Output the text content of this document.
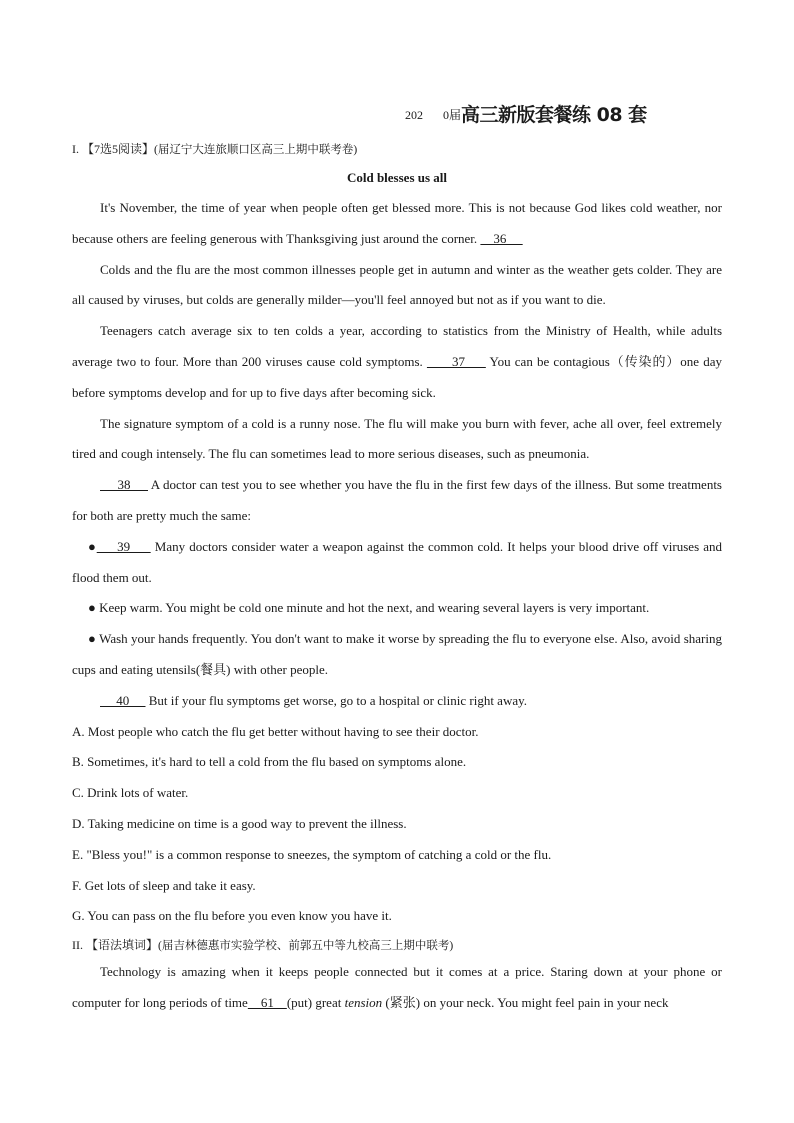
202 0届高三新版套餐练 08 套
I. 【7选5阅读】(届辽宁大连旅顺口区高三上期中联考卷)
Cold blesses us all
It's November, the time of year when people often get blessed more. This is not because God likes cold weather, nor because others are feeling generous with Thanksgiving just around the corner.     36
Colds and the flu are the most common illnesses people get in autumn and winter as the weather gets colder. They are all caused by viruses, but colds are generally milder—you'll feel annoyed but not as if you want to die.
Teenagers catch average six to ten colds a year, according to statistics from the Ministry of Health, while adults average two to four. More than 200 viruses cause cold symptoms.       37      You can be contagious（传染的）one day before symptoms develop and for up to five days after becoming sick.
The signature symptom of a cold is a runny nose. The flu will make you burn with fever, ache all over, feel extremely tired and cough intensely. The flu can sometimes lead to more serious diseases, such as pneumonia.
38      A doctor can test you to see whether you have the flu in the first few days of the illness. But some treatments for both are pretty much the same:
●     39      Many doctors consider water a weapon against the common cold. It helps your blood drive off viruses and flood them out.
● Keep warm. You might be cold one minute and hot the next, and wearing several layers is very important.
● Wash your hands frequently. You don't want to make it worse by spreading the flu to everyone else. Also, avoid sharing cups and eating utensils(餐具) with other people.
40      But if your flu symptoms get worse, go to a hospital or clinic right away.
A. Most people who catch the flu get better without having to see their doctor.
B. Sometimes, it's hard to tell a cold from the flu based on symptoms alone.
C. Drink lots of water.
D. Taking medicine on time is a good way to prevent the illness.
E. "Bless you!" is a common response to sneezes, the symptom of catching a cold or the flu.
F. Get lots of sleep and take it easy.
G. You can pass on the flu before you even know you have it.
II. 【语法填词】(届吉林德惠市实验学校、前郭五中等九校高三上期中联考)
Technology is amazing when it keeps people connected but it comes at a price. Staring down at your phone or computer for long periods of time    61    (put) great tension (紧张) on your neck. You might feel pain in your neck
